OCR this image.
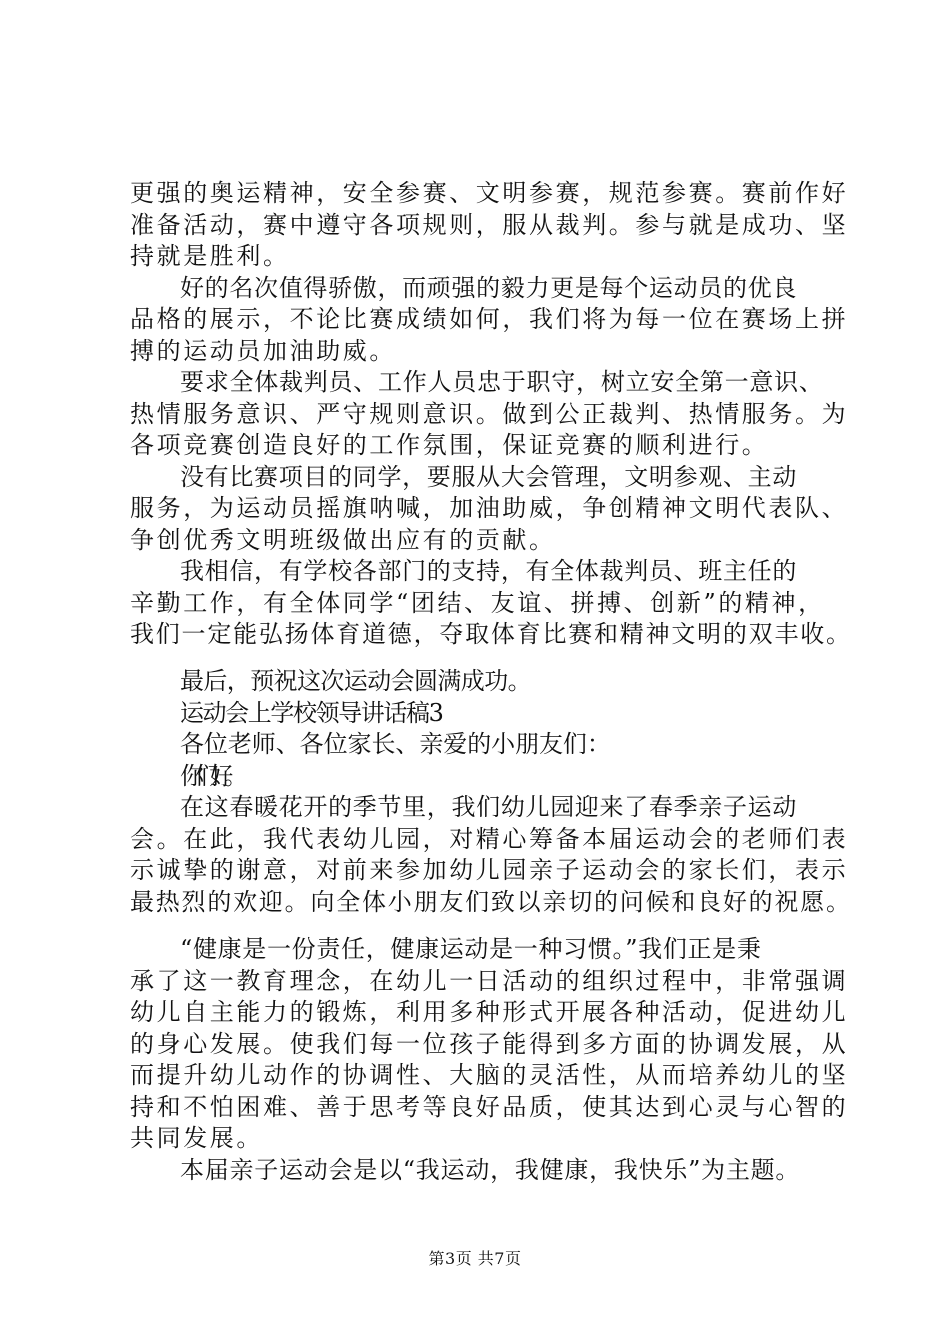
更强的奥运精神，安全参赛、文明参赛，规范参赛。赛前作好
准备活动，赛中遵守各项规则，服从裁判。参与就是成功、坚
持就是胜利。
好的名次值得骄傲，而顽强的毅力更是每个运动员的优良
品格的展示，不论比赛成绩如何，我们将为每一位在赛场上拼
搏的运动员加油助威。
要求全体裁判员、工作人员忠于职守，树立安全第一意识、
热情服务意识、严守规则意识。做到公正裁判、热情服务。为
各项竞赛创造良好的工作氛围，保证竞赛的顺利进行。
没有比赛项目的同学，要服从大会管理，文明参观、主动
服务，为运动员摇旗呐喊，加油助威，争创精神文明代表队、
争创优秀文明班级做出应有的贡献。
我相信，有学校各部门的支持，有全体裁判员、班主任的
辛勤工作，有全体同学“团结、友谊、拼搏、创新”的精神，
我们一定能弘扬体育道德，夺取体育比赛和精神文明的双丰收。
最后，预祝这次运动会圆满成功。
运动会上学校领导讲话稿3
各位老师、各位家长、亲爱的小朋友们：
你们好。
在这春暖花开的季节里，我们幼儿园迎来了春季亲子运动
会。在此，我代表幼儿园，对精心筹备本届运动会的老师们表
示诚挚的谢意，对前来参加幼儿园亲子运动会的家长们，表示
最热烈的欢迎。向全体小朋友们致以亲切的问候和良好的祝愿。
“健康是一份责任，健康运动是一种习惯。”我们正是秉
承了这一教育理念，在幼儿一日活动的组织过程中，非常强调
幼儿自主能力的锻炼，利用多种形式开展各种活动，促进幼儿
的身心发展。使我们每一位孩子能得到多方面的协调发展，从
而提升幼儿动作的协调性、大脑的灵活性，从而培养幼儿的坚
持和不怕困难、善于思考等良好品质，使其达到心灵与心智的
共同发展。
本届亲子运动会是以“我运动，我健康，我快乐”为主题。
第3页 共7页
